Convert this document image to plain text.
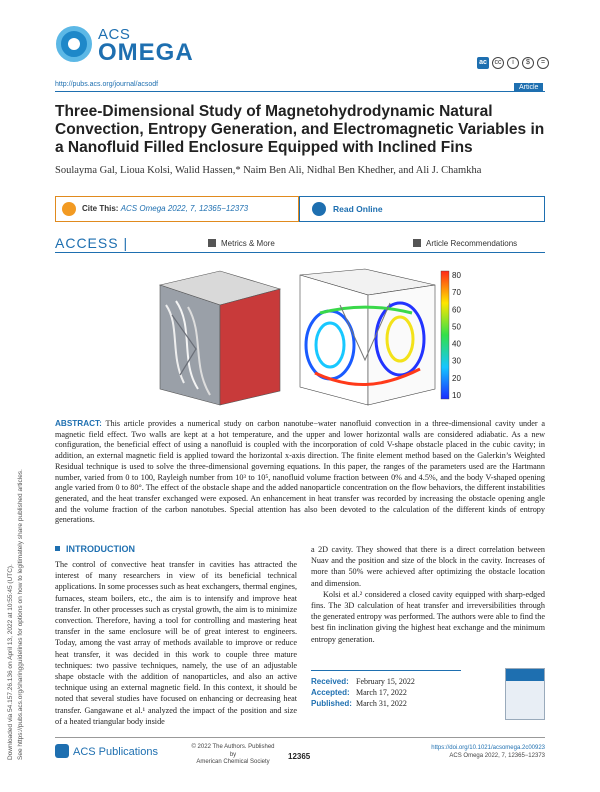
Downloaded via 54.157.26.136 on April 13, 2022 at 10:55:45 (UTC). See https://pubs.acs.org/sharingguidelines for options on how to legitimately share published articles.
ACS
OMEGA	ac	cc	i	$	=
http://pubs.acs.org/journal/acsodf	Article
Three-Dimensional Study of Magnetohydrodynamic Natural Convection, Entropy Generation, and Electromagnetic Variables in a Nanofluid Filled Enclosure Equipped with Inclined Fins
Soulayma Gal, Lioua Kolsi, Walid Hassen,* Naim Ben Ali, Nidhal Ben Khedher, and Ali J. Chamkha
Cite This: ACS Omega 2022, 7, 12365−12373	Read Online
ACCESS |	Metrics & More	Article Recommendations
80
70
60
50
40
30
20
10

ABSTRACT: This article provides a numerical study on carbon nanotube−water nanofluid convection in a three-dimensional cavity under a magnetic field effect. Two walls are kept at a hot temperature, and the upper and lower horizontal walls are considered adiabatic. As a new configuration, the beneficial effect of using a nanofluid is coupled with the incorporation of cold V-shape obstacle placed in the cubic cavity; in addition, an external magnetic field is applied toward the horizontal x-axis direction. The finite element method based on the Galerkin’s Weighted Residual technique is used to solve the three-dimensional governing equations. In this paper, the ranges of the parameters used are the Hartmann number, varied from 0 to 100, Rayleigh number from 10³ to 10⁵, nanofluid volume fraction between 0% and 4.5%, and the body V-shaped opening angle varied from 0 to 80°. The effect of the obstacle shape and the added nanoparticle concentration on the flow behaviors, the different instabilities generated, and the heat transfer exchanged were exposed. An enhancement in heat transfer was recorded by increasing the obstacle opening angle and the volume fraction of the carbon nanotubes. Special attention has also been devoted to the calculation of the different kinds of entropy generations.

INTRODUCTION

The control of convective heat transfer in cavities has attracted the interest of many researchers in view of its beneficial technical applications. In some processes such as heat exchangers, thermal engines, furnaces, steam boilers, etc., the aim is to intensify and improve heat transfer. In other processes such as crystal growth, the aim is to minimize convection. Therefore, having a tool for controlling and mastering heat transfer in the same enclosure will be of great interest to engineers. Today, among the vast array of methods available to improve or reduce heat transfer, it was decided in this work to couple three mature techniques: two passive techniques, namely, the use of an adjustable shape obstacle with the addition of nanoparticles, and also an active technique using an external magnetic field. In this context, it should be noted that several studies have focused on enhancing or decreasing heat transfer. Gangawane et al.¹ analyzed the impact of the position and size of a heated triangular body inside

a 2D cavity. They showed that there is a direct correlation between Nuav and the position and size of the block in the cavity. Increases of more than 50% were achieved after optimizing the obstacle location and dimension.

Kolsi et al.² considered a closed cavity equipped with sharp-edged fins. The 3D calculation of heat transfer and irreversibilities through the generated entropy was performed. The authors were able to find the best fin inclination giving the highest heat exchange and the minimum entropy generation.

Received: February 15, 2022
Accepted: March 17, 2022
Published: March 31, 2022
ACS Publications	© 2022 The Authors. Published by
American Chemical Society
12365
https://doi.org/10.1021/acsomega.2c00923
ACS Omega 2022, 7, 12365−12373
